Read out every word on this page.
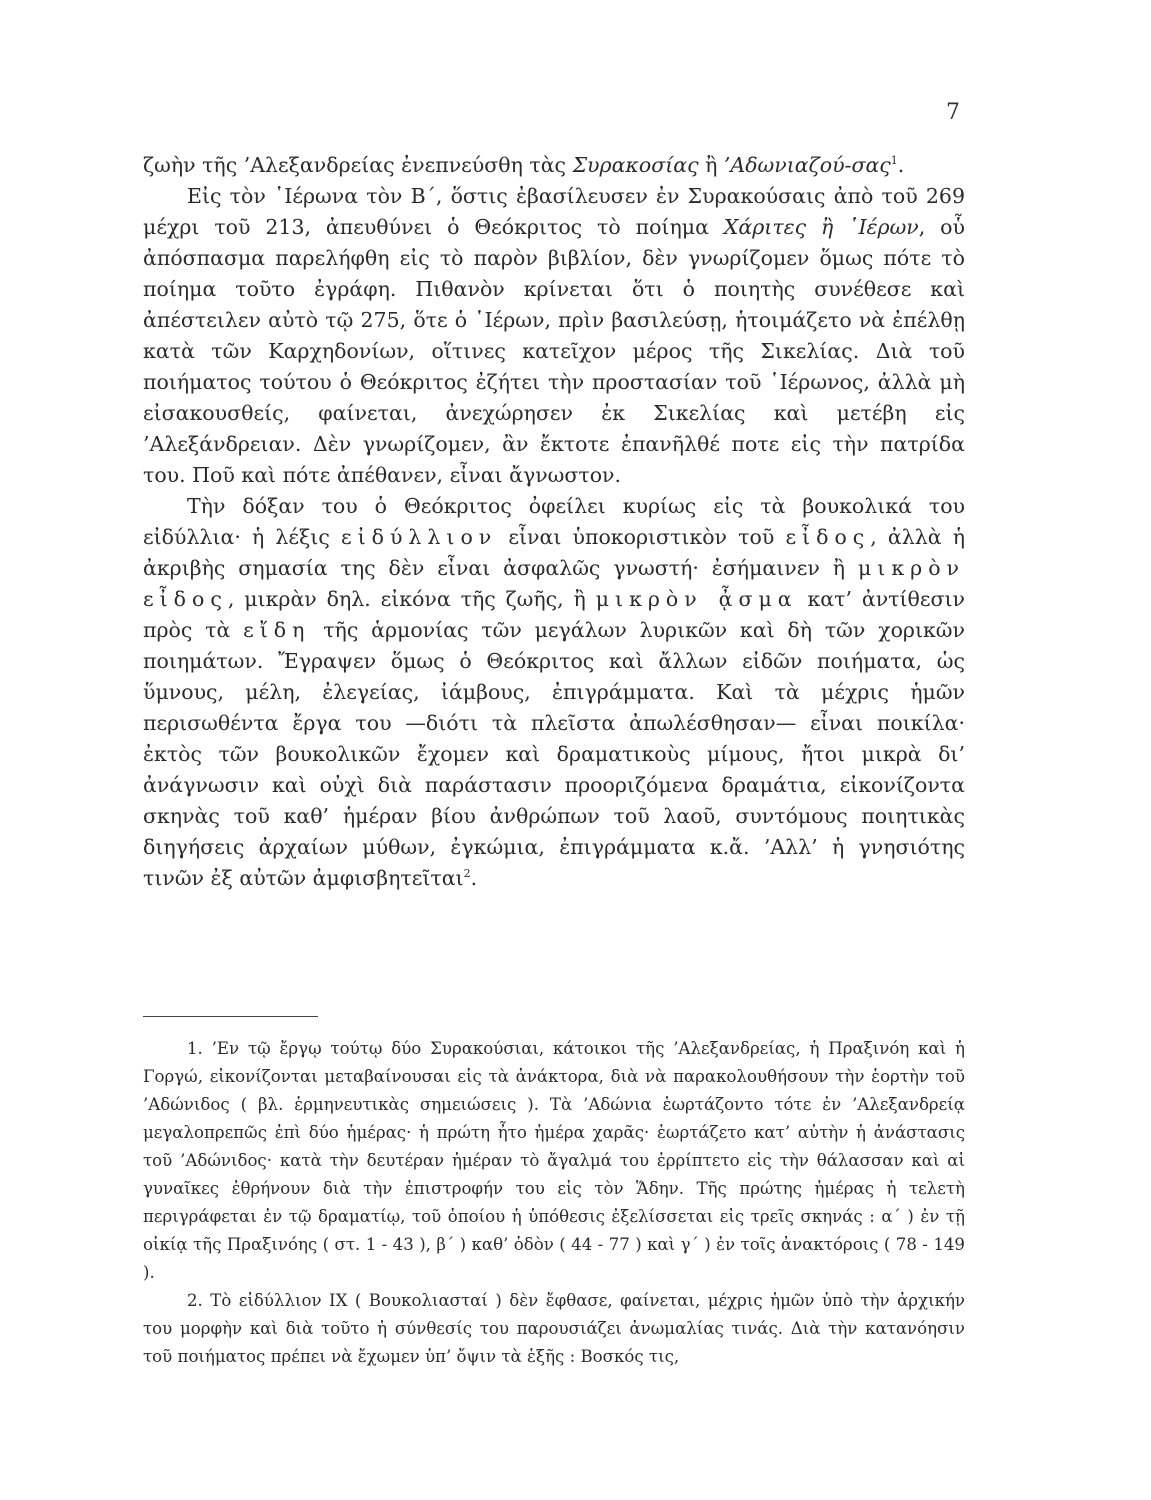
7

ζωὴν τῆς ’Αλεξανδρείας ἐνεπνεύσθη τὰς Συρακοσίας ἢ ’Αδωνιαζού-σας$^1$.

Εἰς τὸν ῾Ιέρωνα τὸν Β΄, ὅστις ἐβασίλευσεν ἐν Συρακούσαις ἀπὸ τοῦ 269 μέχρι τοῦ 213, ἀπευθύνει ὁ Θεόκριτος τὸ ποίημα Χάριτες ἢ ῾Ιέρων, οὗ ἀπόσπασμα παρελήφθη εἰς τὸ παρὸν βιβλίον, δὲν γνωρίζομεν ὅμως πότε τὸ ποίημα τοῦτο ἐγράφη. Πιθανὸν κρίνεται ὅτι ὁ ποιητὴς συνέθεσε καὶ ἀπέστειλεν αὐτὸ τῷ 275, ὅτε ὁ ῾Ιέρων, πρὶν βασιλεύσῃ, ἡτοιμάζετο νὰ ἐπέλθῃ κατὰ τῶν Καρχηδονίων, οἵτινες κατεῖχον μέρος τῆς Σικελίας. Διὰ τοῦ ποιήματος τούτου ὁ Θεόκριτος ἐζήτει τὴν προστασίαν τοῦ ῾Ιέρωνος, ἀλλὰ μὴ εἰσακουσθείς, φαίνεται, ἀνεχώρησεν ἐκ Σικελίας καὶ μετέβη εἰς ’Αλεξάνδρειαν. Δὲν γνωρίζομεν, ἂν ἔκτοτε ἐπανῆλθέ ποτε εἰς τὴν πατρίδα του. Ποῦ καὶ πότε ἀπέθανεν, εἶναι ἄγνωστον.

Τὴν δόξαν του ὁ Θεόκριτος ὀφείλει κυρίως εἰς τὰ βουκολικά του εἰδύλλια· ἡ λέξις εἰδύλλιον εἶναι ὑποκοριστικὸν τοῦ εἶδος, ἀλλὰ ἡ ἀκριβὴς σημασία της δὲν εἶναι ἀσφαλῶς γνωστή· ἐσήμαινεν ἢ μικρὸν εἶδος, μικρὰν δηλ. εἰκόνα τῆς ζωῆς, ἢ μικρὸν ᾆσμα κατ’ ἀντίθεσιν πρὸς τὰ εἴδη τῆς ἁρμονίας τῶν μεγάλων λυρικῶν καὶ δὴ τῶν χορικῶν ποιημάτων. Ἔγραψεν ὅμως ὁ Θεόκριτος καὶ ἄλλων εἰδῶν ποιήματα, ὡς ὕμνους, μέλη, ἐλεγείας, ἰάμβους, ἐπιγράμματα. Καὶ τὰ μέχρις ἡμῶν περισωθέντα ἔργα του —διότι τὰ πλεῖστα ἀπωλέσθησαν— εἶναι ποικίλα· ἐκτὸς τῶν βουκολικῶν ἔχομεν καὶ δραματικοὺς μίμους, ἤτοι μικρὰ δι’ ἀνάγνωσιν καὶ οὐχὶ διὰ παράστασιν προοριζόμενα δραμάτια, εἰκονίζοντα σκηνὰς τοῦ καθ’ ἡμέραν βίου ἀνθρώπων τοῦ λαοῦ, συντόμους ποιητικὰς διηγήσεις ἀρχαίων μύθων, ἐγκώμια, ἐπιγράμματα κ.ἄ. ’Αλλ’ ἡ γνησιότης τινῶν ἐξ αὐτῶν ἀμφισβητεῖται$^2$.

1. ’Εν τῷ ἔργῳ τούτῳ δύο Συρακούσιαι, κάτοικοι τῆς ’Αλεξανδρείας, ἡ Πραξινόη καὶ ἡ Γοργώ, εἰκονίζονται μεταβαίνουσαι εἰς τὰ ἀνάκτορα, διὰ νὰ παρακολουθήσουν τὴν ἑορτὴν τοῦ ’Αδώνιδος ( βλ. ἑρμηνευτικὰς σημειώσεις ). Τὰ ’Αδώνια ἑωρτάζοντο τότε ἐν ’Αλεξανδρείᾳ μεγαλοπρεπῶς ἐπὶ δύο ἡμέρας· ἡ πρώτη ἦτο ἡμέρα χαρᾶς· ἑωρτάζετο κατ’ αὐτὴν ἡ ἀνάστασις τοῦ ’Αδώνιδος· κατὰ τὴν δευτέραν ἡμέραν τὸ ἄγαλμά του ἐρρίπτετο εἰς τὴν θάλασσαν καὶ αἱ γυναῖκες ἐθρήνουν διὰ τὴν ἐπιστροφήν του εἰς τὸν Ἅδην. Τῆς πρώτης ἡμέρας ἡ τελετὴ περιγράφεται ἐν τῷ δραματίῳ, τοῦ ὁποίου ἡ ὑπόθεσις ἐξελίσσεται εἰς τρεῖς σκηνάς : α΄ ) ἐν τῇ οἰκίᾳ τῆς Πραξινόης ( στ. 1 - 43 ), β΄ ) καθ’ ὁδὸν ( 44 - 77 ) καὶ γ΄ ) ἐν τοῖς ἀνακτόροις ( 78 - 149 ).

2. Τὸ εἰδύλλιον IX ( Βουκολιασταί ) δὲν ἔφθασε, φαίνεται, μέχρις ἡμῶν ὑπὸ τὴν ἀρχικήν του μορφὴν καὶ διὰ τοῦτο ἡ σύνθεσίς του παρουσιάζει ἀνωμαλίας τινάς. Διὰ τὴν κατανόησιν τοῦ ποιήματος πρέπει νὰ ἔχωμεν ὑπ’ ὄψιν τὰ ἑξῆς : Βοσκός τις,
